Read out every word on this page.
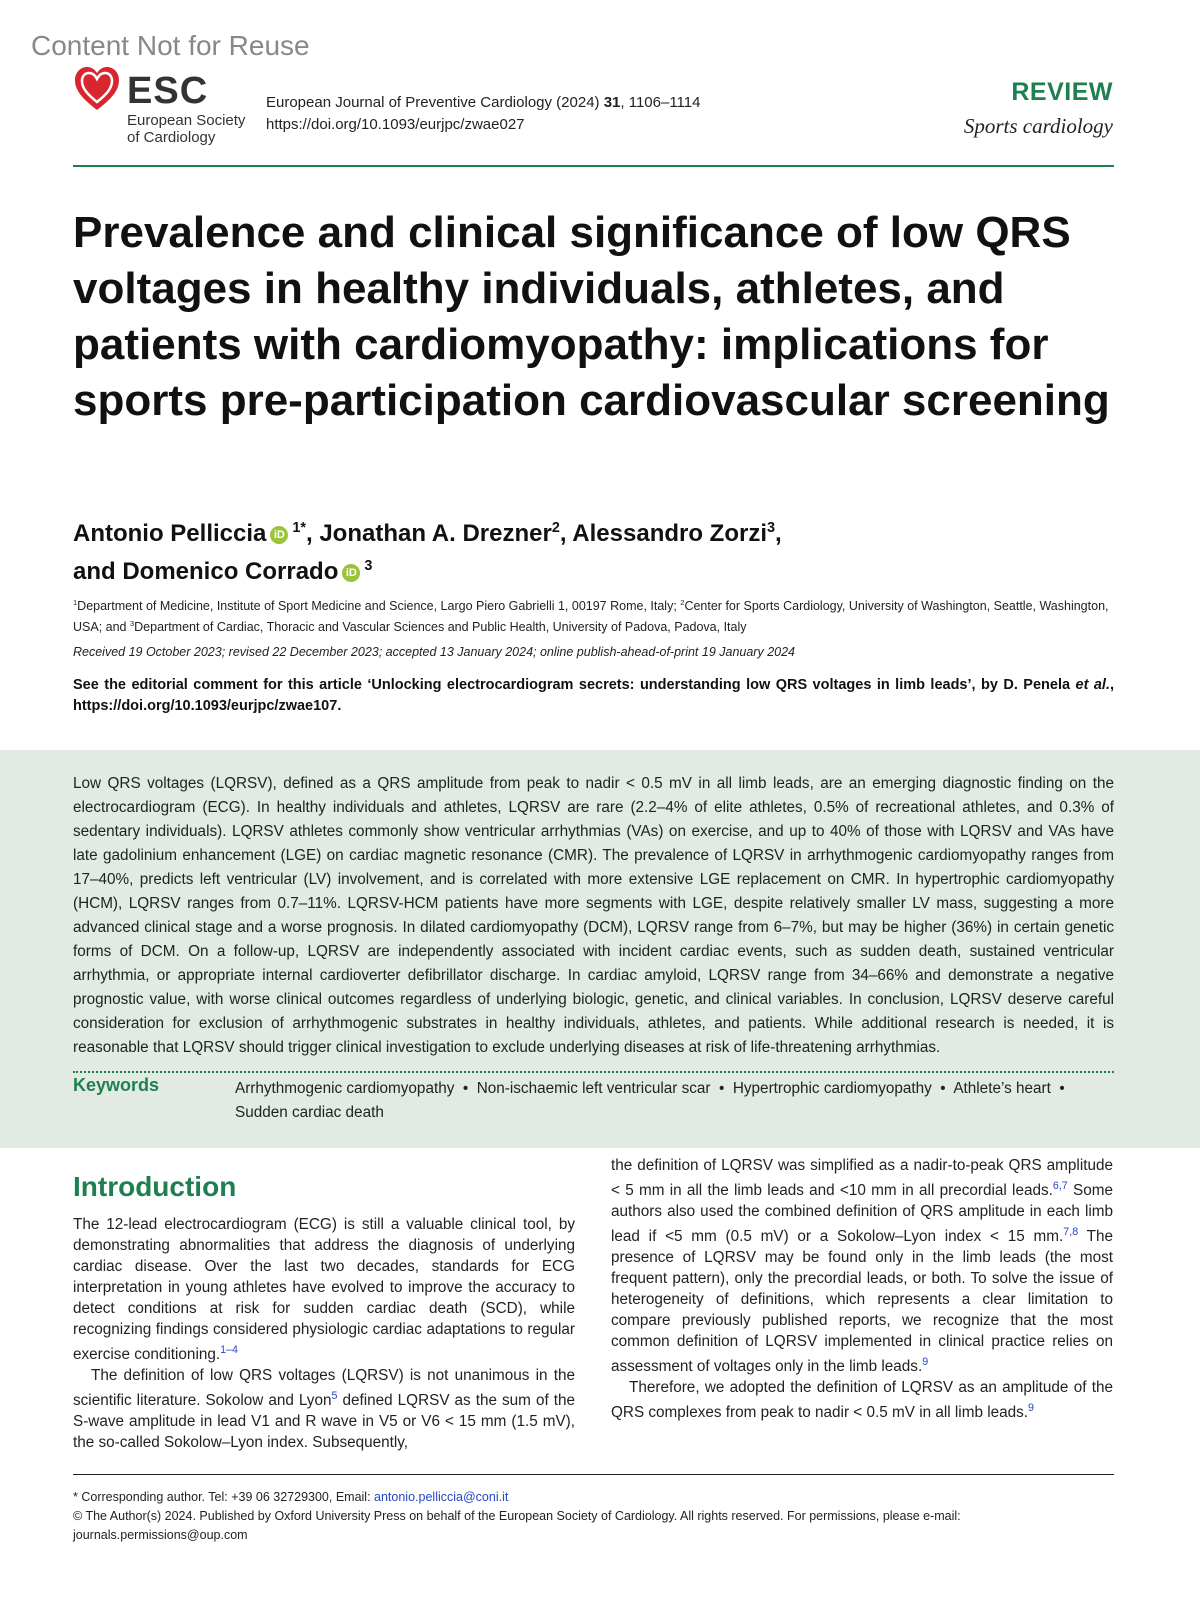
Content Not for Reuse
ESC
European Society
of Cardiology
European Journal of Preventive Cardiology (2024) 31, 1106–1114
https://doi.org/10.1093/eurjpc/zwae027
REVIEW
Sports cardiology
Prevalence and clinical significance of low QRS voltages in healthy individuals, athletes, and patients with cardiomyopathy: implications for sports pre-participation cardiovascular screening
Antonio Pelliccia iD $^{1*}$, Jonathan A. Drezner$^2$, Alessandro Zorzi$^3$,
and Domenico Corrado iD $^3$
$^1$Department of Medicine, Institute of Sport Medicine and Science, Largo Piero Gabrielli 1, 00197 Rome, Italy; $^2$Center for Sports Cardiology, University of Washington, Seattle, Washington, USA; and $^3$Department of Cardiac, Thoracic and Vascular Sciences and Public Health, University of Padova, Padova, Italy
Received 19 October 2023; revised 22 December 2023; accepted 13 January 2024; online publish-ahead-of-print 19 January 2024
See the editorial comment for this article ‘Unlocking electrocardiogram secrets: understanding low QRS voltages in limb leads’, by D. Penela et al., https://doi.org/10.1093/eurjpc/zwae107.

Low QRS voltages (LQRSV), defined as a QRS amplitude from peak to nadir < 0.5 mV in all limb leads, are an emerging diagnostic finding on the electrocardiogram (ECG). In healthy individuals and athletes, LQRSV are rare (2.2–4% of elite athletes, 0.5% of recreational athletes, and 0.3% of sedentary individuals). LQRSV athletes commonly show ventricular arrhythmias (VAs) on exercise, and up to 40% of those with LQRSV and VAs have late gadolinium enhancement (LGE) on cardiac magnetic resonance (CMR). The prevalence of LQRSV in arrhythmogenic cardiomyopathy ranges from 17–40%, predicts left ventricular (LV) involvement, and is correlated with more extensive LGE replacement on CMR. In hypertrophic cardiomyopathy (HCM), LQRSV ranges from 0.7–11%. LQRSV-HCM patients have more segments with LGE, despite relatively smaller LV mass, suggesting a more advanced clinical stage and a worse prognosis. In dilated cardiomyopathy (DCM), LQRSV range from 6–7%, but may be higher (36%) in certain genetic forms of DCM. On a follow-up, LQRSV are independently associated with incident cardiac events, such as sudden death, sustained ventricular arrhythmia, or appropriate internal cardioverter defibrillator discharge. In cardiac amyloid, LQRSV range from 34–66% and demonstrate a negative prognostic value, with worse clinical outcomes regardless of underlying biologic, genetic, and clinical variables. In conclusion, LQRSV deserve careful consideration for exclusion of arrhythmogenic substrates in healthy individuals, athletes, and patients. While additional research is needed, it is reasonable that LQRSV should trigger clinical investigation to exclude underlying diseases at risk of life-threatening arrhythmias.

Keywords	Arrhythmogenic cardiomyopathy  •  Non-ischaemic left ventricular scar  •  Hypertrophic cardiomyopathy  •  Athlete’s heart  •  Sudden cardiac death
Introduction

The 12-lead electrocardiogram (ECG) is still a valuable clinical tool, by demonstrating abnormalities that address the diagnosis of underlying cardiac disease. Over the last two decades, standards for ECG interpretation in young athletes have evolved to improve the accuracy to detect conditions at risk for sudden cardiac death (SCD), while recognizing findings considered physiologic cardiac adaptations to regular exercise conditioning.$^{1-4}$

The definition of low QRS voltages (LQRSV) is not unanimous in the scientific literature. Sokolow and Lyon$^5$ defined LQRSV as the sum of the S-wave amplitude in lead V1 and R wave in V5 or V6 < 15 mm (1.5 mV), the so-called Sokolow–Lyon index. Subsequently,

the definition of LQRSV was simplified as a nadir-to-peak QRS amplitude < 5 mm in all the limb leads and <10 mm in all precordial leads.$^{6,7}$ Some authors also used the combined definition of QRS amplitude in each limb lead if <5 mm (0.5 mV) or a Sokolow–Lyon index < 15 mm.$^{7,8}$ The presence of LQRSV may be found only in the limb leads (the most frequent pattern), only the precordial leads, or both. To solve the issue of heterogeneity of definitions, which represents a clear limitation to compare previously published reports, we recognize that the most common definition of LQRSV implemented in clinical practice relies on assessment of voltages only in the limb leads.$^9$

Therefore, we adopted the definition of LQRSV as an amplitude of the QRS complexes from peak to nadir < 0.5 mV in all limb leads.$^9$

* Corresponding author. Tel: +39 06 32729300, Email: antonio.pelliccia@coni.it
© The Author(s) 2024. Published by Oxford University Press on behalf of the European Society of Cardiology. All rights reserved. For permissions, please e-mail: journals.permissions@oup.com
